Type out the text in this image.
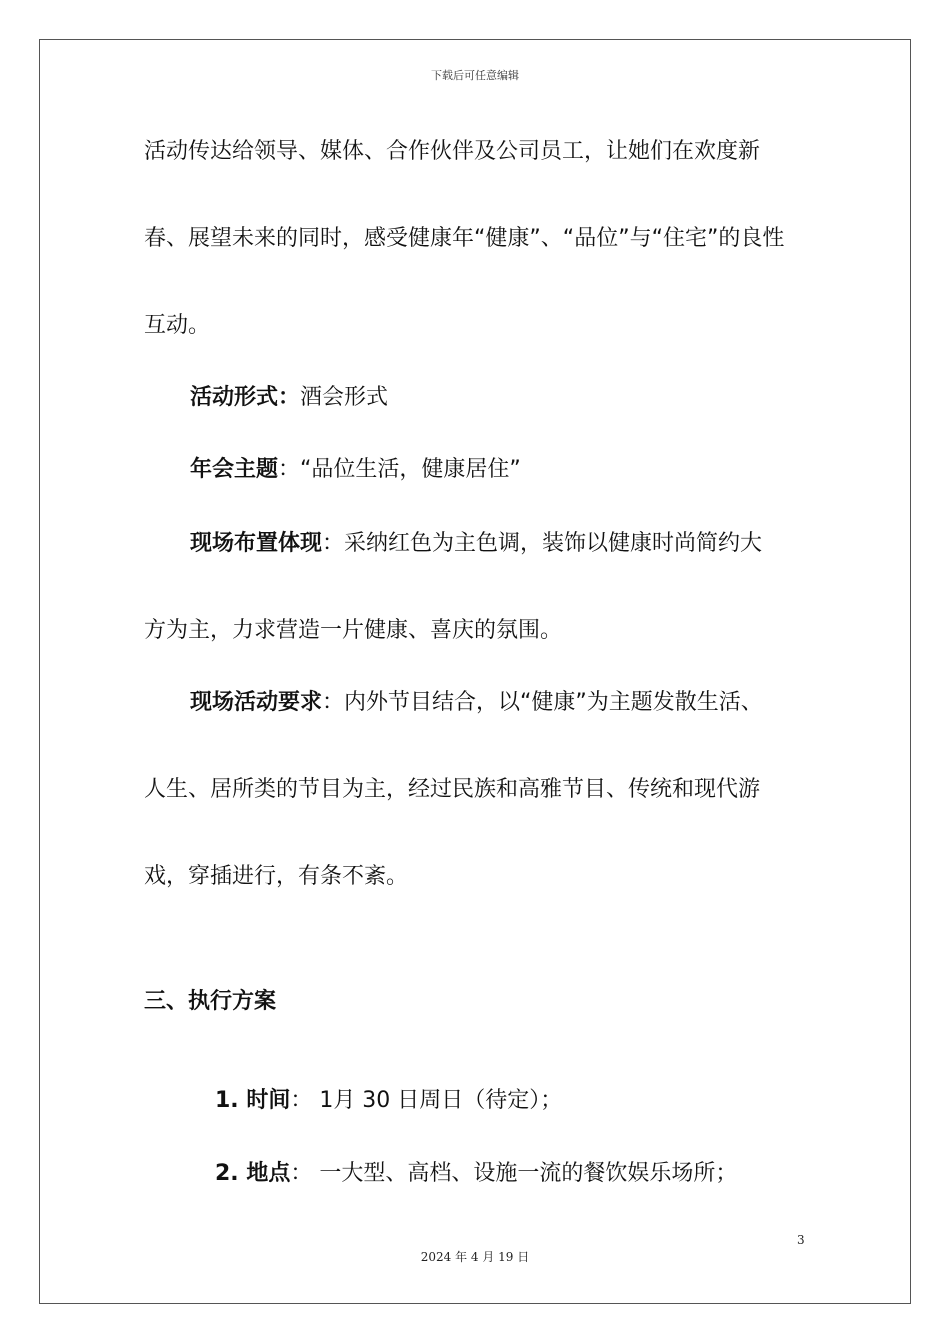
下载后可任意编辑
活动传达给领导、媒体、合作伙伴及公司员工，让她们在欢度新
春、展望未来的同时，感受健康年“健康”、“品位”与“住宅”的良性
互动。
活动形式：酒会形式
年会主题：“品位生活，健康居住”
现场布置体现：采纳红色为主色调，装饰以健康时尚简约大
方为主，力求营造一片健康、喜庆的氛围。
现场活动要求：内外节目结合，以“健康”为主题发散生活、
人生、居所类的节目为主，经过民族和高雅节目、传统和现代游
戏，穿插进行，有条不紊。
三、执行方案
1. 时间： 1月 30 日周日（待定）；
2. 地点： 一大型、高档、设施一流的餐饮娱乐场所；
3
2024 年 4 月 19 日
